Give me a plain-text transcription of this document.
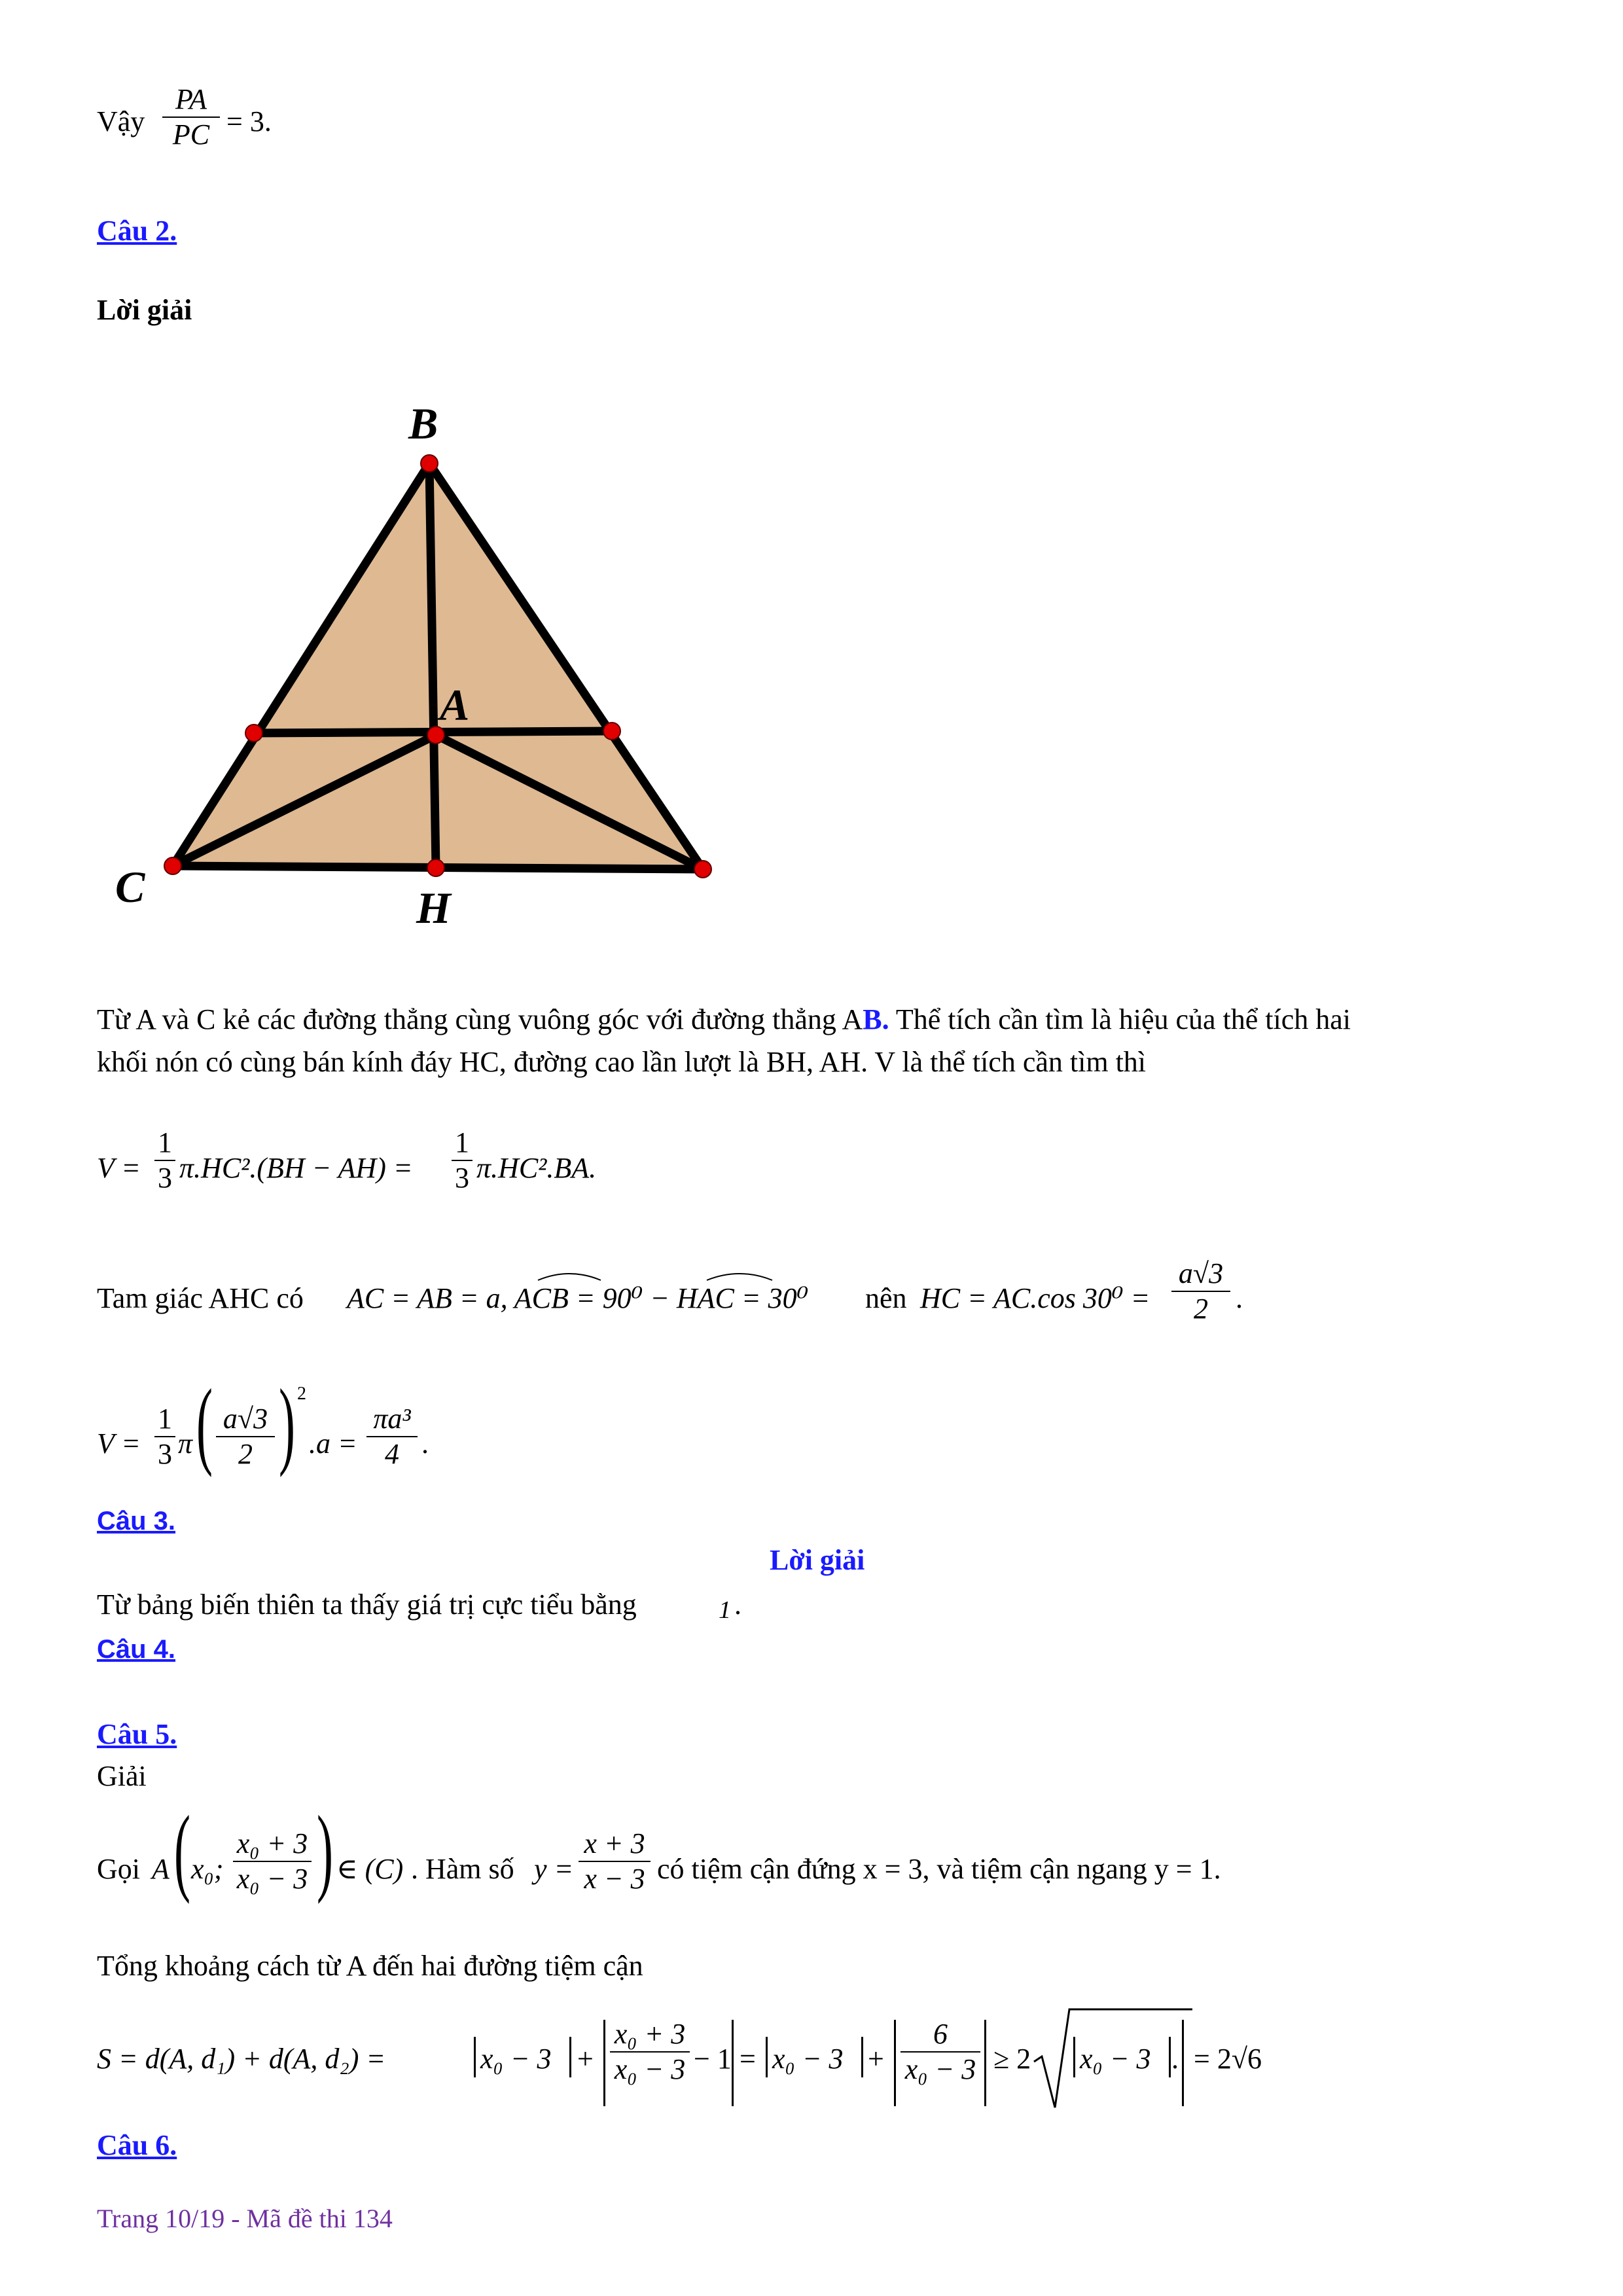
Vậy
PA
PC = 3.
Câu 2.
Lời giải
B
A
C	H
Từ A và C kẻ các đường thẳng cùng vuông góc với đường thẳng AB. Thể tích cần tìm là hiệu của thể tích hai
khối nón có cùng bán kính đáy HC, đường cao lần lượt là BH, AH. V là thể tích cần tìm thì
V =
1
3 π.HC².(BH − AH) =
1
3 π.HC².BA.
Tam giác AHC có AC = AB = a, ACB = 90⁰ − HAC = 30⁰ nên HC = AC.cos 30⁰ =
a√3
2 .
V =
1
3 π ( a√3
2 ) 2
.a =
πa³
4 .
Câu 3.
Lời giải
Từ bảng biến thiên ta thấy giá trị cực tiểu bằng	1 .
Câu 4.
Câu 5.
Giải
Gọi A ( x₀;
x₀ + 3
x₀ − 3 ) ∈ (C) . Hàm số y =
x + 3
x − 3 có tiệm cận đứng x = 3, và tiệm cận ngang y = 1.
Tổng khoảng cách từ A đến hai đường tiệm cận
S = d(A, d₁) + d(A, d₂) =	x₀ − 3 +
x₀ + 3
x₀ − 3 − 1 = x₀ − 3 +
6
x₀ − 3 ≥ 2 x₀ − 3 . = 2√6
Câu 6.
Trang 10/19 - Mã đề thi 134
